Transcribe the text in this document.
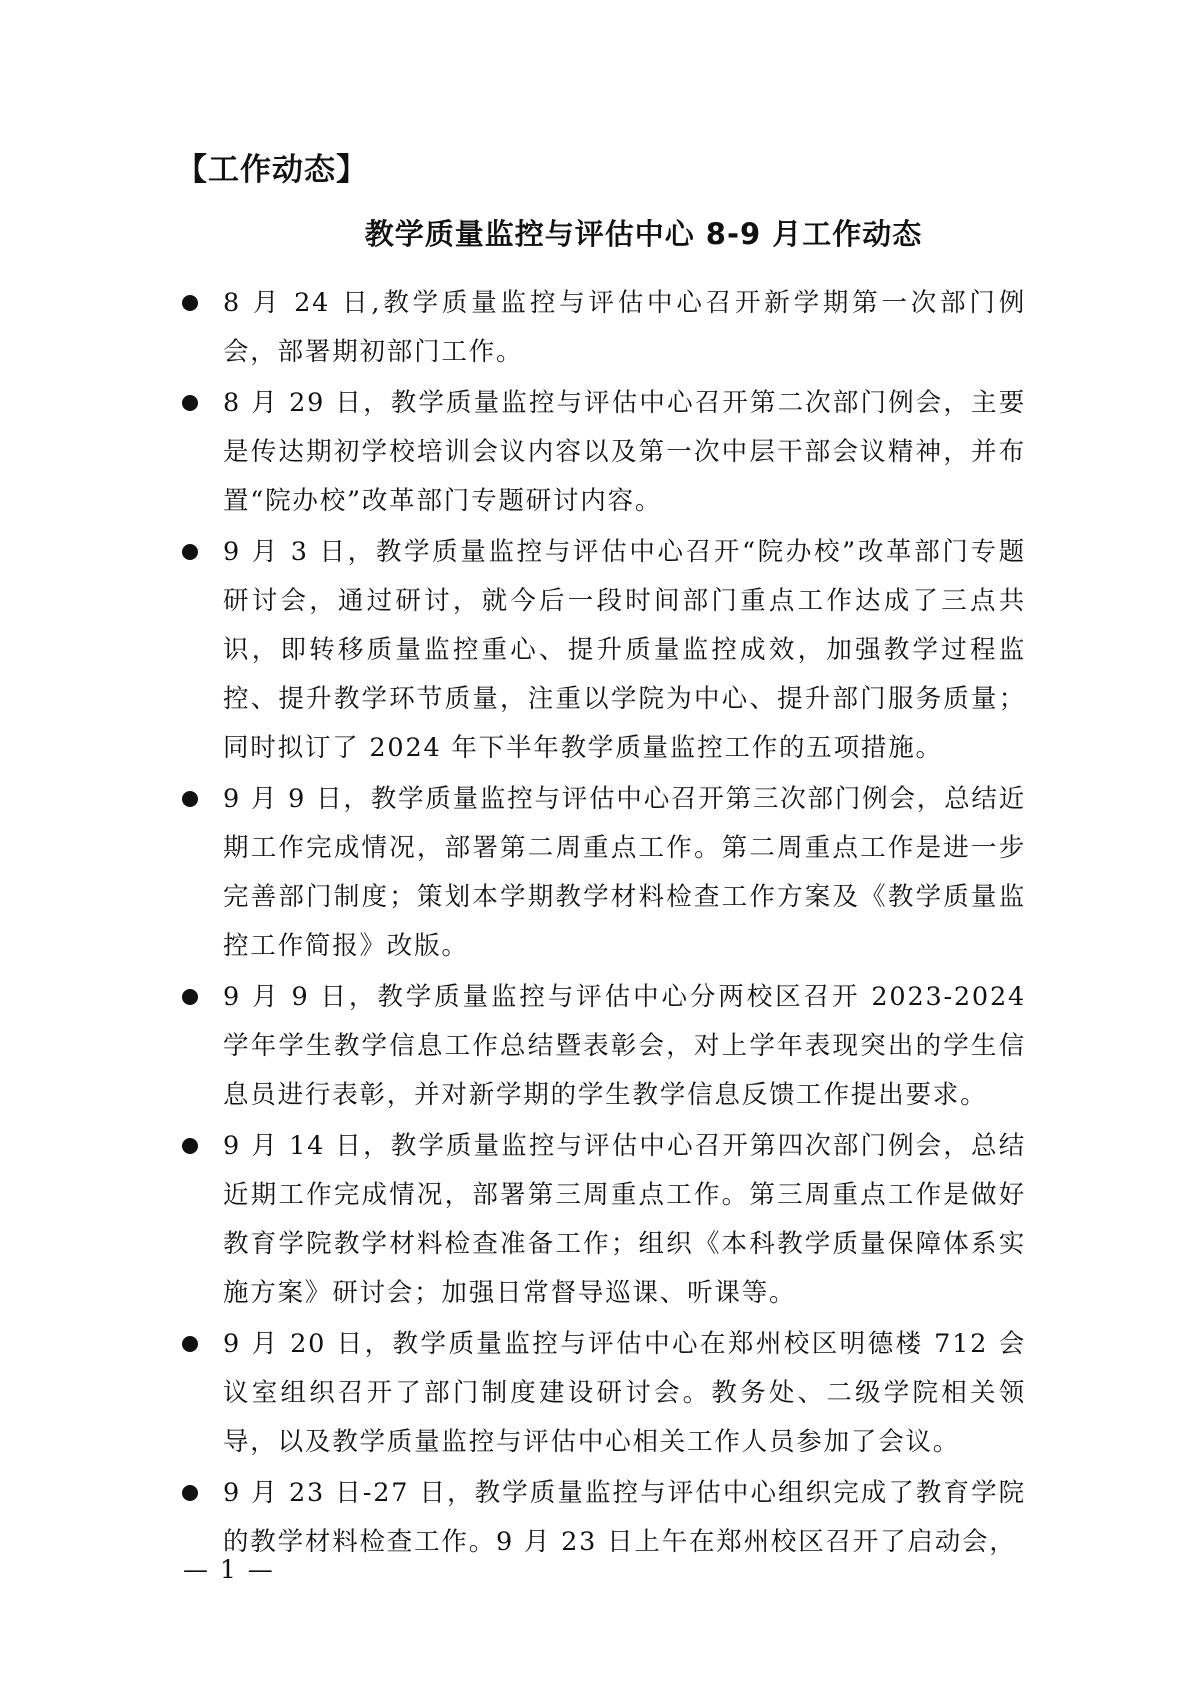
【工作动态】
教学质量监控与评估中心 8-9 月工作动态
8 月 24 日,教学质量监控与评估中心召开新学期第一次部门例会，部署期初部门工作。
8 月 29 日，教学质量监控与评估中心召开第二次部门例会，主要是传达期初学校培训会议内容以及第一次中层干部会议精神，并布置“院办校”改革部门专题研讨内容。
9 月 3 日，教学质量监控与评估中心召开“院办校”改革部门专题研讨会，通过研讨，就今后一段时间部门重点工作达成了三点共识，即转移质量监控重心、提升质量监控成效，加强教学过程监控、提升教学环节质量，注重以学院为中心、提升部门服务质量；同时拟订了 2024 年下半年教学质量监控工作的五项措施。
9 月 9 日，教学质量监控与评估中心召开第三次部门例会，总结近期工作完成情况，部署第二周重点工作。第二周重点工作是进一步完善部门制度；策划本学期教学材料检查工作方案及《教学质量监控工作简报》改版。
9 月 9 日，教学质量监控与评估中心分两校区召开 2023-2024 学年学生教学信息工作总结暨表彰会，对上学年表现突出的学生信息员进行表彰，并对新学期的学生教学信息反馈工作提出要求。
9 月 14 日，教学质量监控与评估中心召开第四次部门例会，总结近期工作完成情况，部署第三周重点工作。第三周重点工作是做好教育学院教学材料检查准备工作；组织《本科教学质量保障体系实施方案》研讨会；加强日常督导巡课、听课等。
9 月 20 日，教学质量监控与评估中心在郑州校区明德楼 712 会议室组织召开了部门制度建设研讨会。教务处、二级学院相关领导，以及教学质量监控与评估中心相关工作人员参加了会议。
9 月 23 日-27 日，教学质量监控与评估中心组织完成了教育学院的教学材料检查工作。9 月 23 日上午在郑州校区召开了启动会，
— 1 —
